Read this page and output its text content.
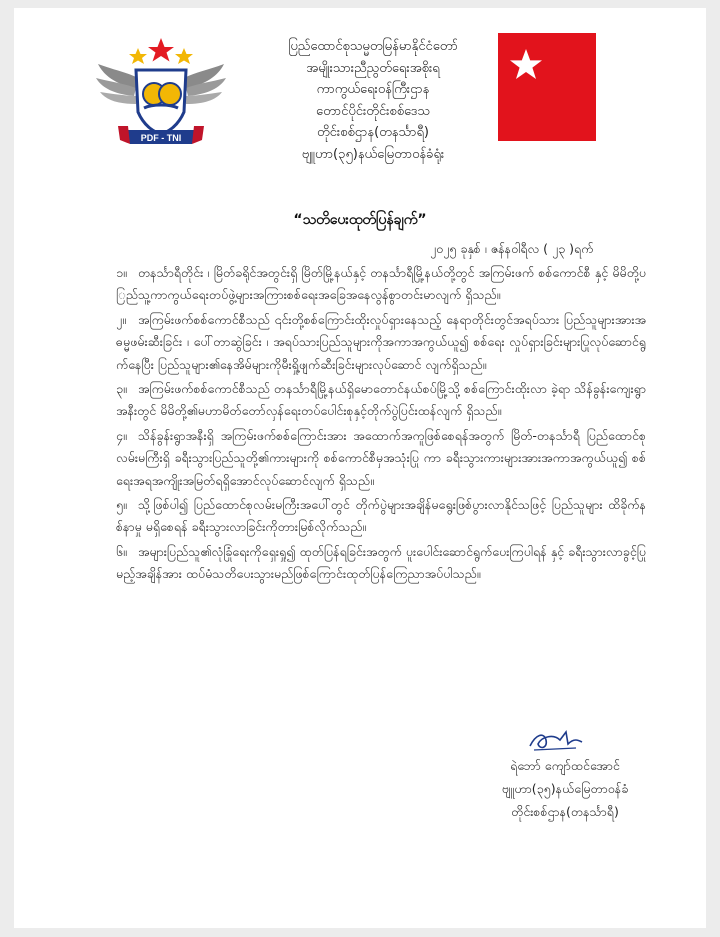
PDF - TNI
ပြည်ထောင်စုသမ္မတမြန်မာနိုင်ငံတော်
အမျိုးသားညီညွတ်ရေးအစိုးရ
ကာကွယ်ရေးဝန်ကြီးဌာန
တောင်ပိုင်းတိုင်းစစ်ဒေသ
တိုင်းစစ်ဌာန(တနင်္သာရီ)
ဗျူဟာ(၃၅)နယ်မြေတာဝန်ခံရုံး
“သတိပေးထုတ်ပြန်ချက်”
၂၀၂၅ ခုနှစ် ၊ ဇန်နဝါရီလ ( ၂၃ )ရက်

၁။ တနင်္သာရီတိုင်း ၊ မြိတ်ခရိုင်အတွင်းရှိ မြိတ်မြို့နယ်နှင့် တနင်္သာရီမြို့နယ်တို့တွင် အကြမ်းဖက် စစ်ကောင်စီ နှင့် မိမိတို့ပြည်သူ့ကာကွယ်ရေးတပ်ဖွဲ့များအကြားစစ်ရေးအခြေအနေလွန်စွာတင်းမာလျက် ရှိသည်။

၂။ အကြမ်းဖက်စစ်ကောင်စီသည် ၎င်းတို့စစ်ကြောင်းထိုးလှုပ်ရှားနေသည့် နေရာတိုင်းတွင်အရပ်သား ပြည်သူများအားအဓမ္မဖမ်းဆီးခြင်း ၊ ပေါ်တာဆွဲခြင်း ၊ အရပ်သားပြည်သူများကိုအကာအကွယ်ယူ၍ စစ်ရေး လှုပ်ရှားခြင်းများပြုလုပ်ဆောင်ရွက်နေပြီး ပြည်သူများ၏နေအိမ်များကိုမီးရှို့ဖျက်ဆီးခြင်းများလုပ်ဆောင် လျက်ရှိသည်။

၃။ အကြမ်းဖက်စစ်ကောင်စီသည် တနင်္သာရီမြို့နယ်ရှိမောတောင်နယ်စပ်မြို့သို့ စစ်ကြောင်းထိုးလာ ခဲ့ရာ သိန်ခွန်းကျေးရွာအနီးတွင် မိမိတို့၏မဟာမိတ်တော်လှန်ရေးတပ်ပေါင်းစုနှင့်တိုက်ပွဲပြင်းထန်လျက် ရှိသည်။

၄။ သိန်ခွန်းရွာအနီးရှိ အကြမ်းဖက်စစ်ကြောင်းအား အထောက်အကူဖြစ်စေရန်အတွက် မြိတ်-တနင်္သာရီ ပြည်ထောင်စုလမ်းမကြီးရှိ ခရီးသွားပြည်သူတို့၏ကားများကို စစ်ကောင်စီမှအသုံးပြု ကာ ခရီးသွားကားများအားအကာအကွယ်ယူ၍ စစ်ရေးအရအကျိုးအမြတ်ရရှိအောင်လုပ်ဆောင်လျက် ရှိသည်။

၅။ သို့ဖြစ်ပါ၍ ပြည်ထောင်စုလမ်းမကြီးအပေါ်တွင် တိုက်ပွဲများအချိန်မရွေးဖြစ်ပွားလာနိုင်သဖြင့် ပြည်သူများ ထိခိုက်နစ်နာမှု မရှိစေရန် ခရီးသွားလာခြင်းကိုတားမြစ်လိုက်သည်။

၆။ အများပြည်သူ၏လုံခြုံရေးကိုရှေးရှု၍ ထုတ်ပြန်ရခြင်းအတွက် ပူးပေါင်းဆောင်ရွက်ပေးကြပါရန် နှင့် ခရီးသွားလာခွင့်ပြုမည့်အချိန်အား ထပ်မံသတိပေးသွားမည်ဖြစ်ကြောင်းထုတ်ပြန်ကြေညာအပ်ပါသည်။

ရဲဘော် ကျော်ထင်အောင်
ဗျူဟာ(၃၅)နယ်မြေတာဝန်ခံ
တိုင်းစစ်ဌာန(တနင်္သာရီ)
